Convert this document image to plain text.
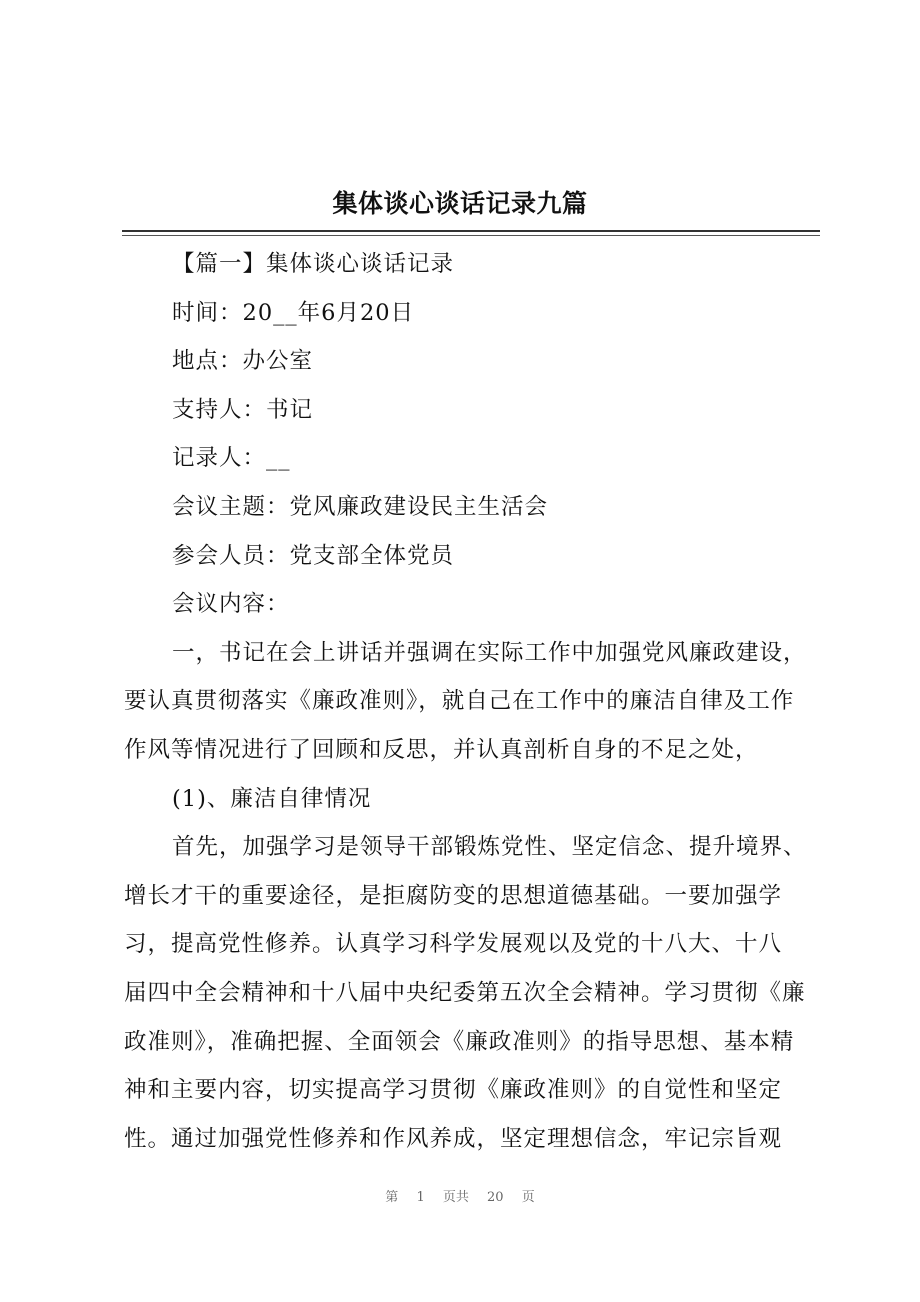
集体谈心谈话记录九篇
【篇一】集体谈心谈话记录
时间：20__年6月20日
地点：办公室
支持人：书记
记录人：__
会议主题：党风廉政建设民主生活会
参会人员：党支部全体党员
会议内容：
一，书记在会上讲话并强调在实际工作中加强党风廉政建设，
要认真贯彻落实《廉政准则》，就自己在工作中的廉洁自律及工作
作风等情况进行了回顾和反思，并认真剖析自身的不足之处，
(1)、廉洁自律情况
首先，加强学习是领导干部锻炼党性、坚定信念、提升境界、
增长才干的重要途径，是拒腐防变的思想道德基础。一要加强学
习，提高党性修养。认真学习科学发展观以及党的十八大、十八
届四中全会精神和十八届中央纪委第五次全会精神。学习贯彻《廉
政准则》，准确把握、全面领会《廉政准则》的指导思想、基本精
神和主要内容，切实提高学习贯彻《廉政准则》的自觉性和坚定
性。通过加强党性修养和作风养成，坚定理想信念，牢记宗旨观
第 1 页共 20 页
